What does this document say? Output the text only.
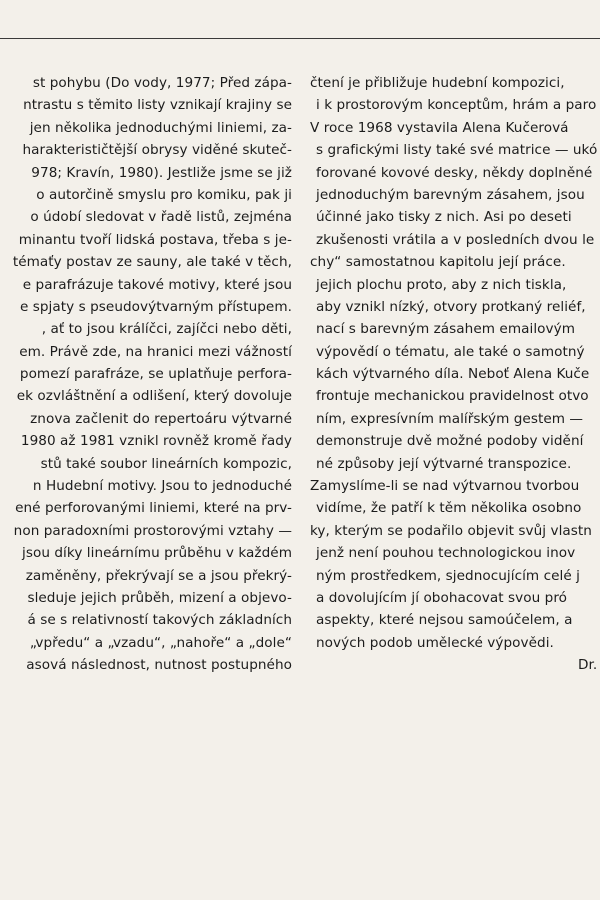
st pohybu (Do vody, 1977; Před zápa-
ntrastu s těmito listy vznikají krajiny se
jen několika jednoduchými liniemi, za-
harakterističtější obrysy viděné skuteč-
978; Kravín, 1980). Jestliže jsme se již
o autorčině smyslu pro komiku, pak ji
o údobí sledovat v řadě listů, zejména
minantu tvoří lidská postava, třeba s je-
témaťy postav ze sauny, ale také v těch,
e parafrázuje takové motivy, které jsou
e spjaty s pseudovýtvarným přístupem.
, ať to jsou králíčci, zajíčci nebo děti,
em. Právě zde, na hranici mezi vážností
pomezí parafráze, se uplatňuje perfora-
ek ozvláštnění a odlišení, který dovoluje
znova začlenit do repertoáru výtvarné
1980 až 1981 vznikl rovněž kromě řady
stů také soubor lineárních kompozic,
n Hudební motivy. Jsou to jednoduché
ené perforovanými liniemi, které na prv-
non paradoxními prostorovými vztahy —
jsou díky lineárnímu průběhu v každém
zaměněny, překrývají se a jsou překrý-
sleduje jejich průběh, mizení a objevo-
á se s relativností takových základních
„vpředu“ a „vzadu“, „nahoře“ a „dole“
asová následnost, nutnost postupného
čtení je přibližuje hudební kompozici,
i k prostorovým konceptům, hrám a paro
V roce 1968 vystavila Alena Kučerová
s grafickými listy také své matrice — ukó
forované kovové desky, někdy doplněné
jednoduchým barevným zásahem, jsou
účinné jako tisky z nich. Asi po deseti
zkušenosti vrátila a v posledních dvou le
chy“ samostatnou kapitolu její práce.
jejich plochu proto, aby z nich tiskla,
aby vznikl nízký, otvory protkaný reliéf,
nací s barevným zásahem emailovým
výpovědí o tématu, ale také o samotný
kách výtvarného díla. Neboť Alena Kuče
frontuje mechanickou pravidelnost otvo
ním, expresívním malířským gestem —
demonstruje dvě možné podoby vidění
né způsoby její výtvarné transpozice.
Zamyslíme-li se nad výtvarnou tvorbou
vidíme, že patří k těm několika osobno
ky, kterým se podařilo objevit svůj vlastn
jenž není pouhou technologickou inov
ným prostředkem, sjednocujícím celé j
a dovolujícím jí obohacovat svou pró
aspekty, které nejsou samoúčelem, a
nových podob umělecké výpovědi.
Dr.
